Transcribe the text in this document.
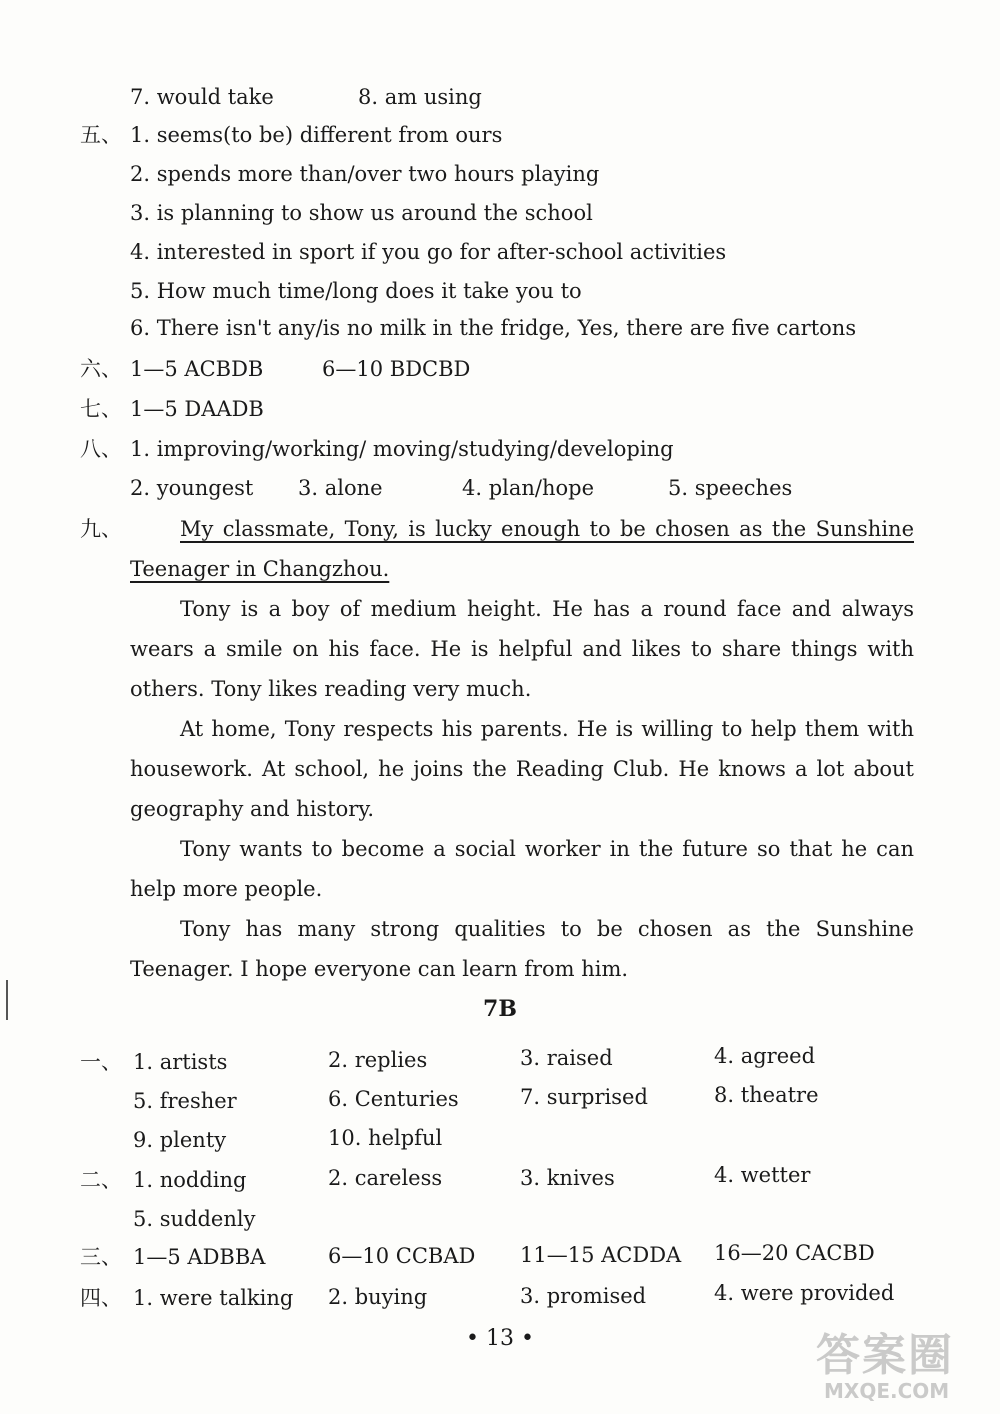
7. would take	8. am using
五、 1. seems(to be) different from ours
2. spends more than/over two hours playing
3. is planning to show us around the school
4. interested in sport if you go for after-school activities
5. How much time/long does it take you to
6. There isn't any/is no milk in the fridge, Yes, there are five cartons
六、 1—5 ACBDB	6—10 BDCBD
七、 1—5 DAADB
八、 1. improving/working/ moving/studying/developing
2. youngest 3. alone	4. plan/hope	5. speeches
九、	My classmate, Tony, is lucky enough to be chosen as the Sunshine Teenager in Changzhou.
Tony is a boy of medium height. He has a round face and always wears a smile on his face. He is helpful and likes to share things with others. Tony likes reading very much.
At home, Tony respects his parents. He is willing to help them with housework. At school, he joins the Reading Club. He knows a lot about geography and history.
Tony wants to become a social worker in the future so that he can help more people.
Tony has many strong qualities to be chosen as the Sunshine Teenager. I hope everyone can learn from him.
7B
一、 1. artists	2. replies	3. raised	4. agreed
5. fresher	6. Centuries	7. surprised	8. theatre
9. plenty	10. helpful
二、 1. nodding	2. careless	3. knives	4. wetter
5. suddenly
三、 1—5 ADBBA	6—10 CCBAD 11—15 ACDDA 16—20 CACBD
四、 1. were talking 2. buying	3. promised	4. were provided
• 13 •	答案圈
MXQE.COM
